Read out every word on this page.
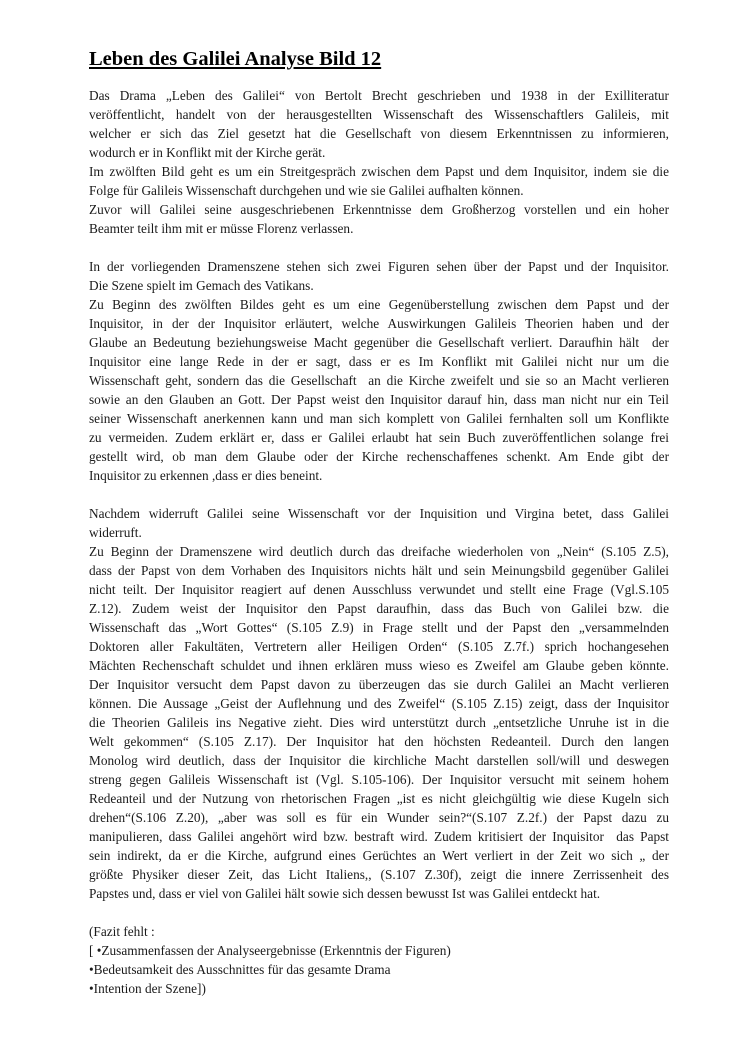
Leben des Galilei Analyse Bild 12
Das Drama „Leben des Galilei“ von Bertolt Brecht geschrieben und 1938 in der Exilliteratur
veröffentlicht, handelt von der herausgestellten Wissenschaft des Wissenschaftlers Galileis, mit
welcher er sich das Ziel gesetzt hat die Gesellschaft von diesem Erkenntnissen zu informieren,
wodurch er in Konflikt mit der Kirche gerät.
Im zwölften Bild geht es um ein Streitgespräch zwischen dem Papst und dem Inquisitor, indem sie die
Folge für Galileis Wissenschaft durchgehen und wie sie Galilei aufhalten können.
Zuvor will Galilei seine ausgeschriebenen Erkenntnisse dem Großherzog vorstellen und ein hoher
Beamter teilt ihm mit er müsse Florenz verlassen.
In der vorliegenden Dramenszene stehen sich zwei Figuren sehen über der Papst und der Inquisitor.
Die Szene spielt im Gemach des Vatikans.
Zu Beginn des zwölften Bildes geht es um eine Gegenüberstellung zwischen dem Papst und der
Inquisitor, in der der Inquisitor erläutert, welche Auswirkungen Galileis Theorien haben und der
Glaube an Bedeutung beziehungsweise Macht gegenüber die Gesellschaft verliert. Daraufhin hält  der
Inquisitor eine lange Rede in der er sagt, dass er es Im Konflikt mit Galilei nicht nur um die
Wissenschaft geht, sondern das die Gesellschaft  an die Kirche zweifelt und sie so an Macht verlieren
sowie an den Glauben an Gott. Der Papst weist den Inquisitor darauf hin, dass man nicht nur ein Teil
seiner Wissenschaft anerkennen kann und man sich komplett von Galilei fernhalten soll um Konflikte
zu vermeiden. Zudem erklärt er, dass er Galilei erlaubt hat sein Buch zuveröffentlichen solange frei
gestellt wird, ob man dem Glaube oder der Kirche rechenschaffenes schenkt. Am Ende gibt der
Inquisitor zu erkennen ,dass er dies beneint.
Nachdem widerruft Galilei seine Wissenschaft vor der Inquisition und Virgina betet, dass Galilei
widerruft.
Zu Beginn der Dramenszene wird deutlich durch das dreifache wiederholen von „Nein“ (S.105 Z.5),
dass der Papst von dem Vorhaben des Inquisitors nichts hält und sein Meinungsbild gegenüber Galilei
nicht teilt. Der Inquisitor reagiert auf denen Ausschluss verwundet und stellt eine Frage (Vgl.S.105
Z.12). Zudem weist der Inquisitor den Papst daraufhin, dass das Buch von Galilei bzw. die
Wissenschaft das „Wort Gottes“ (S.105 Z.9) in Frage stellt und der Papst den „versammelnden
Doktoren aller Fakultäten, Vertretern aller Heiligen Orden“ (S.105 Z.7f.) sprich hochangesehen
Mächten Rechenschaft schuldet und ihnen erklären muss wieso es Zweifel am Glaube geben könnte.
Der Inquisitor versucht dem Papst davon zu überzeugen das sie durch Galilei an Macht verlieren
können. Die Aussage „Geist der Auflehnung und des Zweifel“ (S.105 Z.15) zeigt, dass der Inquisitor
die Theorien Galileis ins Negative zieht. Dies wird unterstützt durch „entsetzliche Unruhe ist in die
Welt gekommen“ (S.105 Z.17). Der Inquisitor hat den höchsten Redeanteil. Durch den langen
Monolog wird deutlich, dass der Inquisitor die kirchliche Macht darstellen soll/will und deswegen
streng gegen Galileis Wissenschaft ist (Vgl. S.105-106). Der Inquisitor versucht mit seinem hohem
Redeanteil und der Nutzung von rhetorischen Fragen „ist es nicht gleichgültig wie diese Kugeln sich
drehen“(S.106 Z.20), „aber was soll es für ein Wunder sein?“(S.107 Z.2f.) der Papst dazu zu
manipulieren, dass Galilei angehört wird bzw. bestraft wird. Zudem kritisiert der Inquisitor  das Papst
sein indirekt, da er die Kirche, aufgrund eines Gerüchtes an Wert verliert in der Zeit wo sich „ der
größte Physiker dieser Zeit, das Licht Italiens,, (S.107 Z.30f), zeigt die innere Zerrissenheit des
Papstes und, dass er viel von Galilei hält sowie sich dessen bewusst Ist was Galilei entdeckt hat.
(Fazit fehlt :
[ •Zusammenfassen der Analyseergebnisse (Erkenntnis der Figuren)
•Bedeutsamkeit des Ausschnittes für das gesamte Drama
•Intention der Szene])
